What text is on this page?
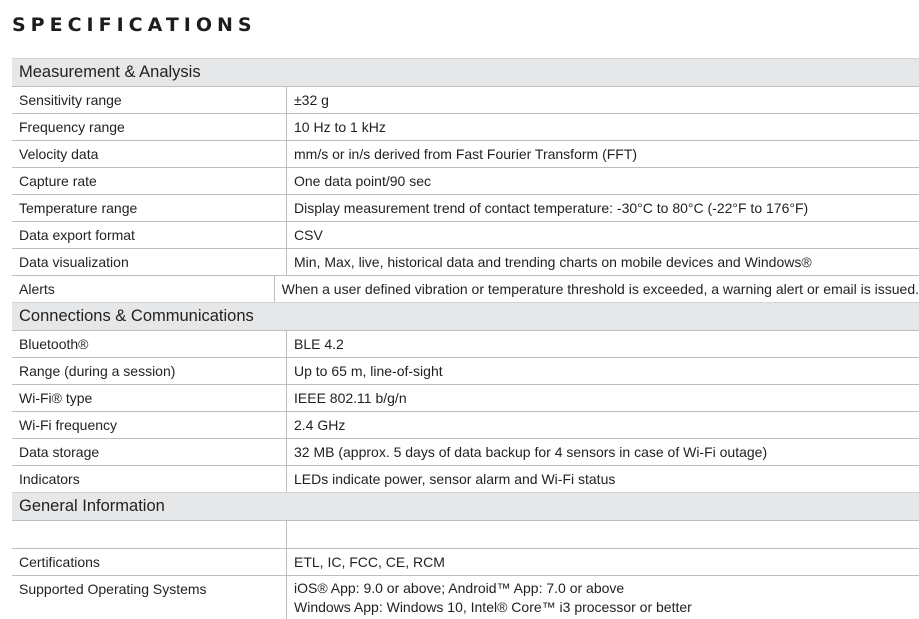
SPECIFICATIONS
Measurement & Analysis
Sensitivity range	±32 g
Frequency range	10 Hz to 1 kHz
Velocity data	mm/s or in/s derived from Fast Fourier Transform (FFT)
Capture rate	One data point/90 sec
Temperature range	Display measurement trend of contact temperature: -30°C to 80°C (-22°F to 176°F)
Data export format	CSV
Data visualization	Min, Max, live, historical data and trending charts on mobile devices and Windows®
Alerts	When a user defined vibration or temperature threshold is exceeded, a warning alert or email is issued.
Connections & Communications
Bluetooth®	BLE 4.2
Range (during a session)	Up to 65 m, line-of-sight
Wi-Fi® type	IEEE 802.11 b/g/n
Wi-Fi frequency	2.4 GHz
Data storage	32 MB (approx. 5 days of data backup for 4 sensors in case of Wi-Fi outage)
Indicators	LEDs indicate power, sensor alarm and Wi-Fi status
General Information
Certifications	ETL, IC, FCC, CE, RCM
Supported Operating Systems	iOS® App: 9.0 or above; Android™ App: 7.0 or above
Windows App: Windows 10, Intel® Core™ i3 processor or better
